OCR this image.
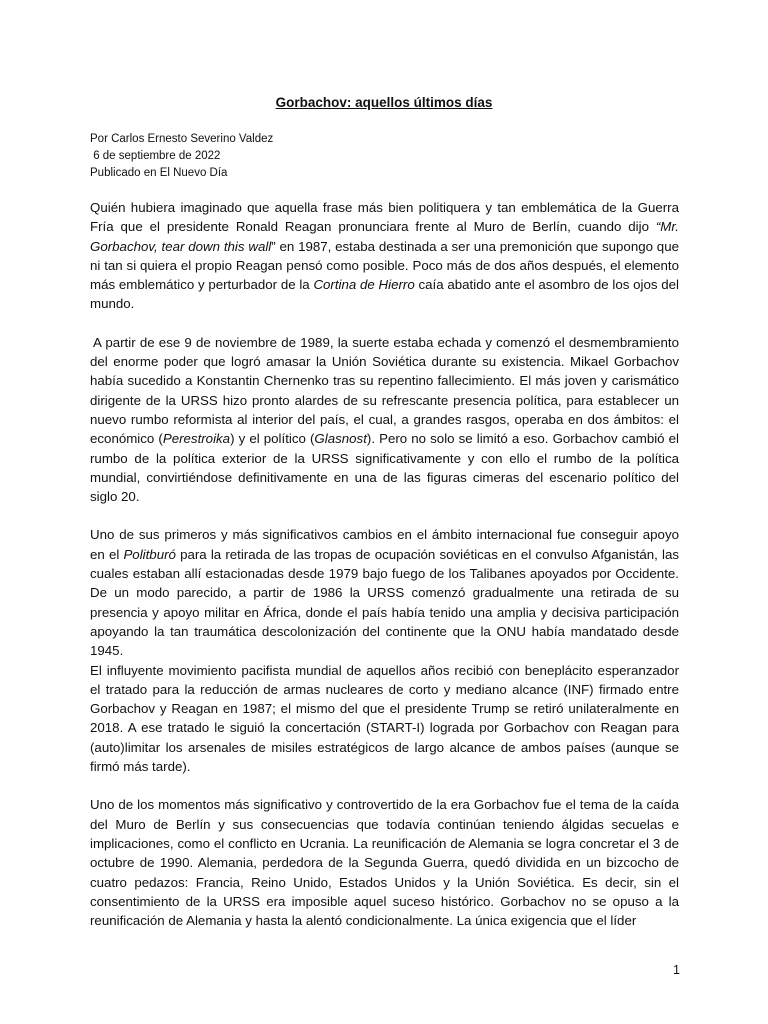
Gorbachov: aquellos últimos días
Por Carlos Ernesto Severino Valdez
6 de septiembre de 2022
Publicado en El Nuevo Día

Quién hubiera imaginado que aquella frase más bien politiquera y tan emblemática de la Guerra Fría que el presidente Ronald Reagan pronunciara frente al Muro de Berlín, cuando dijo “Mr. Gorbachov, tear down this wall” en 1987, estaba destinada a ser una premonición que supongo que ni tan si quiera el propio Reagan pensó como posible. Poco más de dos años después, el elemento más emblemático y perturbador de la Cortina de Hierro caía abatido ante el asombro de los ojos del mundo.

A partir de ese 9 de noviembre de 1989, la suerte estaba echada y comenzó el desmembramiento del enorme poder que logró amasar la Unión Soviética durante su existencia. Mikael Gorbachov había sucedido a Konstantin Chernenko tras su repentino fallecimiento. El más joven y carismático dirigente de la URSS hizo pronto alardes de su refrescante presencia política, para establecer un nuevo rumbo reformista al interior del país, el cual, a grandes rasgos, operaba en dos ámbitos: el económico (Perestroika) y el político (Glasnost). Pero no solo se limitó a eso. Gorbachov cambió el rumbo de la política exterior de la URSS significativamente y con ello el rumbo de la política mundial, convirtiéndose definitivamente en una de las figuras cimeras del escenario político del siglo 20.

Uno de sus primeros y más significativos cambios en el ámbito internacional fue conseguir apoyo en el Politburó para la retirada de las tropas de ocupación soviéticas en el convulso Afganistán, las cuales estaban allí estacionadas desde 1979 bajo fuego de los Talibanes apoyados por Occidente. De un modo parecido, a partir de 1986 la URSS comenzó gradualmente una retirada de su presencia y apoyo militar en África, donde el país había tenido una amplia y decisiva participación apoyando la tan traumática descolonización del continente que la ONU había mandatado desde 1945.

El influyente movimiento pacifista mundial de aquellos años recibió con beneplácito esperanzador el tratado para la reducción de armas nucleares de corto y mediano alcance (INF) firmado entre Gorbachov y Reagan en 1987; el mismo del que el presidente Trump se retiró unilateralmente en 2018. A ese tratado le siguió la concertación (START-I) lograda por Gorbachov con Reagan para (auto)limitar los arsenales de misiles estratégicos de largo alcance de ambos países (aunque se firmó más tarde).

Uno de los momentos más significativo y controvertido de la era Gorbachov fue el tema de la caída del Muro de Berlín y sus consecuencias que todavía continúan teniendo álgidas secuelas e implicaciones, como el conflicto en Ucrania. La reunificación de Alemania se logra concretar el 3 de octubre de 1990. Alemania, perdedora de la Segunda Guerra, quedó dividida en un bizcocho de cuatro pedazos: Francia, Reino Unido, Estados Unidos y la Unión Soviética. Es decir, sin el consentimiento de la URSS era imposible aquel suceso histórico. Gorbachov no se opuso a la reunificación de Alemania y hasta la alentó condicionalmente. La única exigencia que el líder

1
